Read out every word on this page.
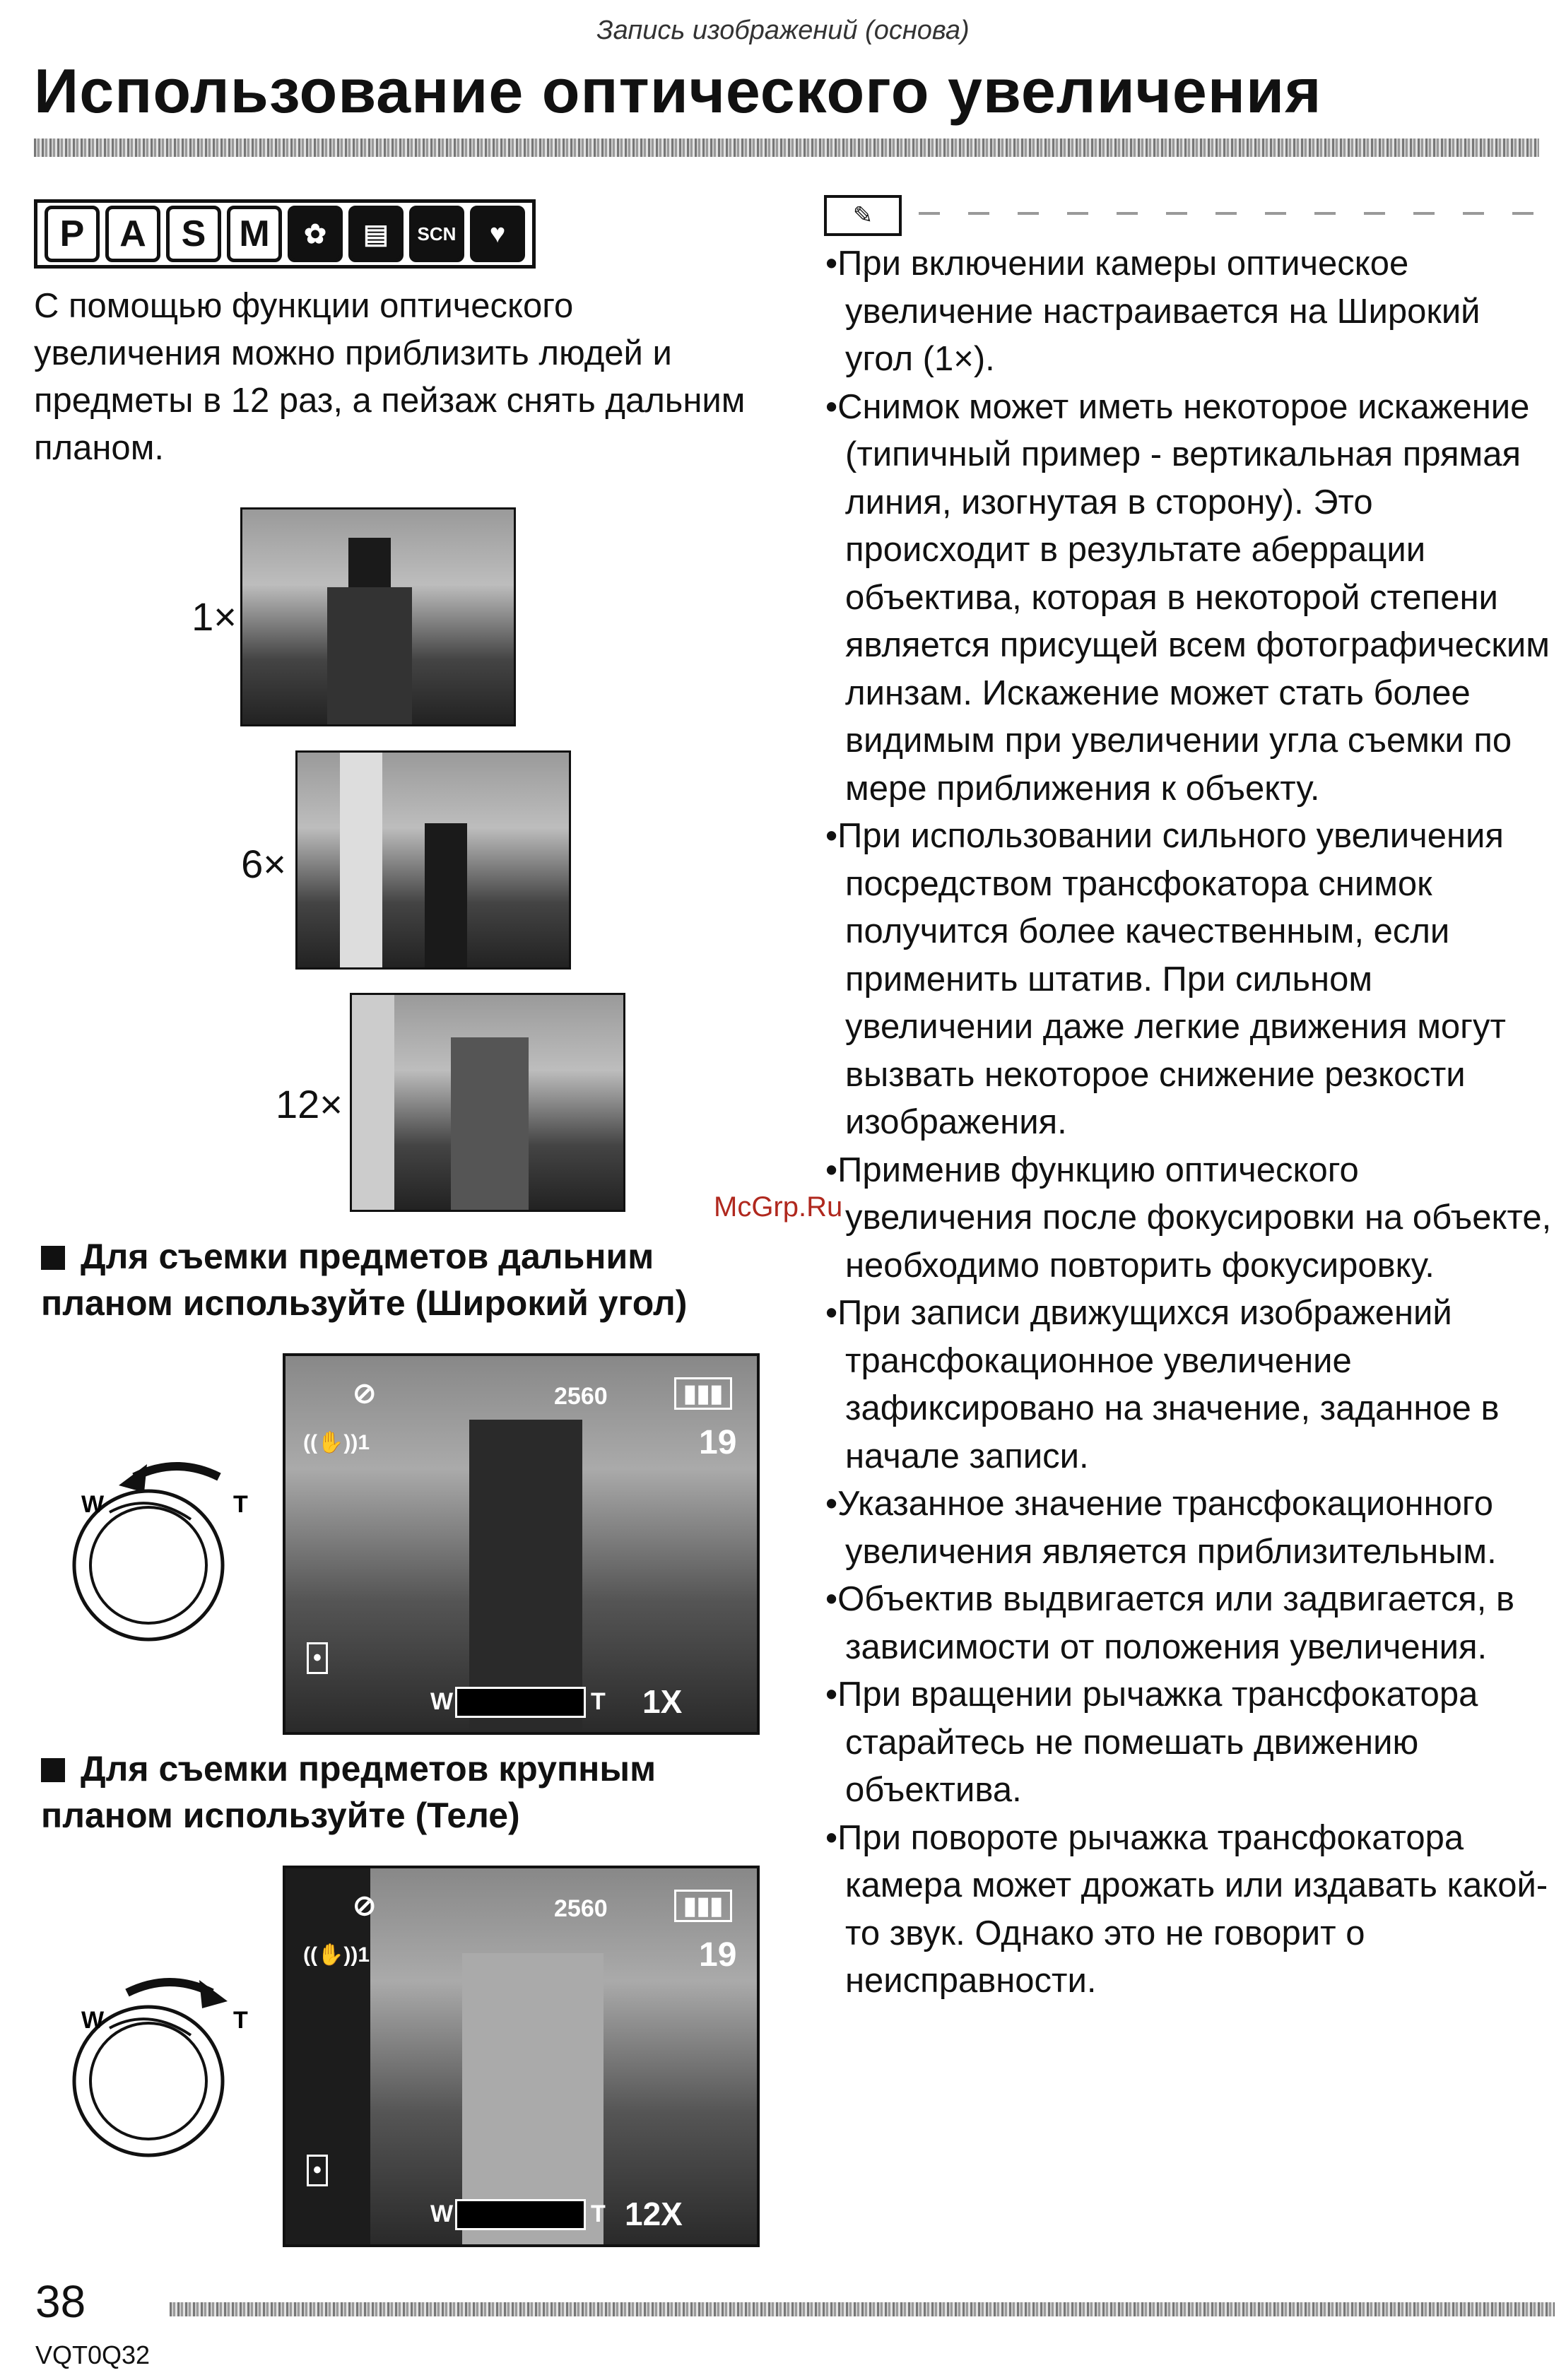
Запись изображений (основа)
Использование оптического увеличения
P A S M	✿	▤	SCN	♥
С помощью функции оптического увеличения можно приблизить людей и предметы в 12 раз, а пейзаж снять дальним планом.
1×
6×
12×
Для съемки предметов дальним планом используйте (Широкий угол)
W	T
⊘	2560	▮▮▮
((✋))1	19
•
W	T 1X
Для съемки предметов крупным планом используйте (Теле)
W	T
⊘	2560	▮▮▮
((✋))1	19
•
W	T 12X
✎
•При включении камеры оптическое увеличение настраивается на Широкий угол (1×).
•Снимок может иметь некоторое искажение (типичный пример - вертикальная прямая линия, изогнутая в сторону). Это происходит в результате аберрации объектива, которая в некоторой степени является присущей всем фотографическим линзам. Искажение может стать более видимым при увеличении угла съемки по мере приближения к объекту.
•При использовании сильного увеличения посредством трансфокатора снимок получится более качественным, если применить штатив. При сильном увеличении даже легкие движения могут вызвать некоторое снижение резкости изображения.
•Применив функцию оптического увеличения после фокусировки на объекте, необходимо повторить фокусировку.
•При записи движущихся изображений трансфокационное увеличение зафиксировано на значение, заданное в начале записи.
•Указанное значение трансфокационного увеличения является приблизительным.
•Объектив выдвигается или задвигается, в зависимости от положения увеличения.
•При вращении рычажка трансфокатора старайтесь не помешать движению объектива.
•При повороте рычажка трансфокатора камера может дрожать или издавать какой-то звук. Однако это не говорит о неисправности.
McGrp.Ru
38
VQT0Q32
